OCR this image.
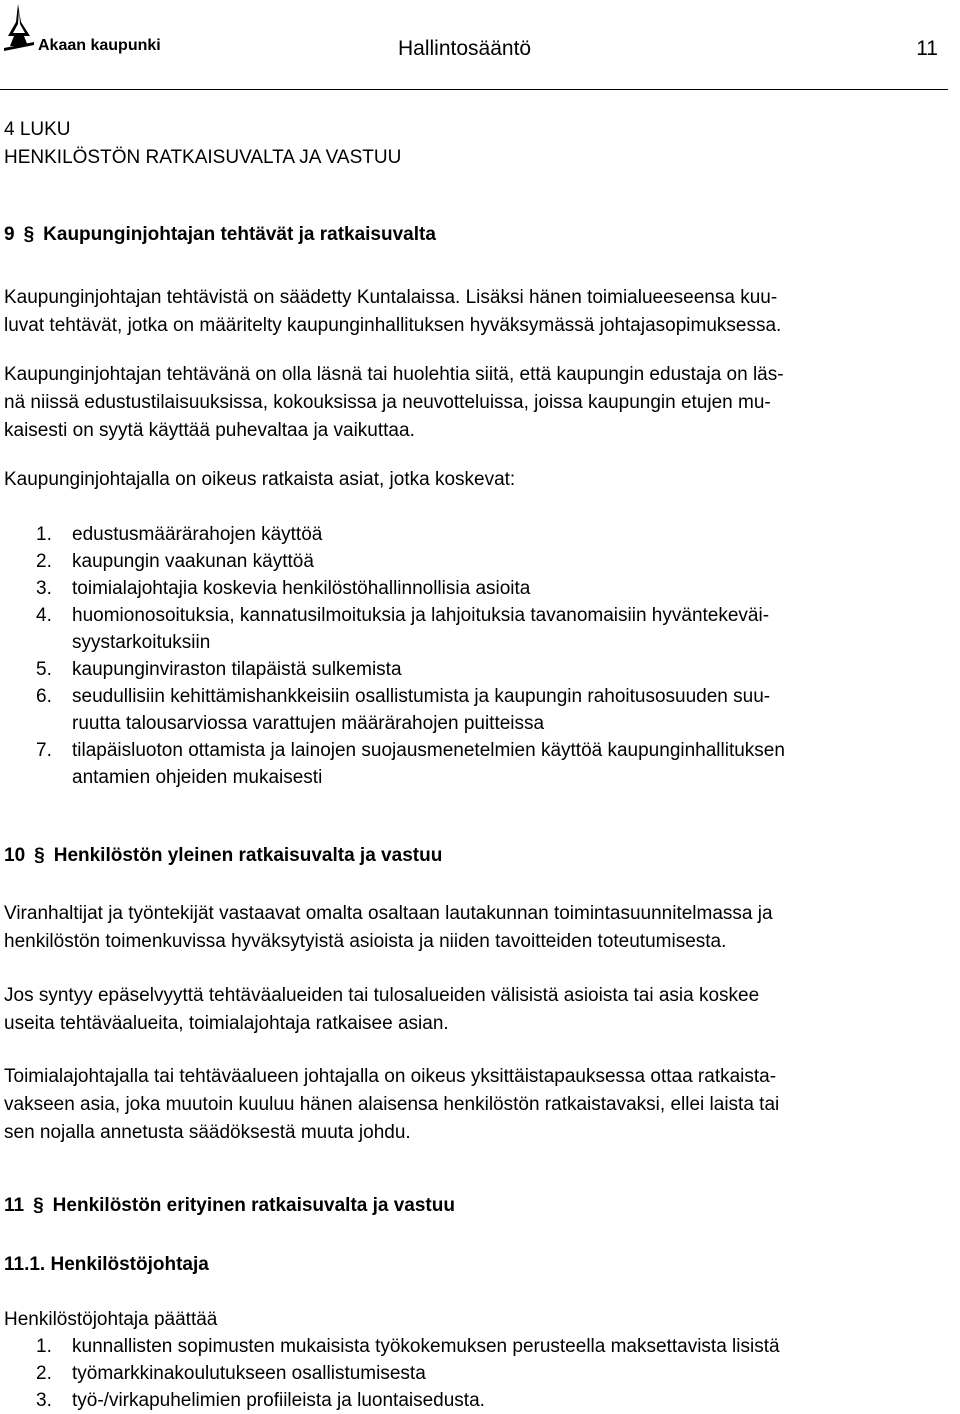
Akaan kaupunki	Hallintosääntö	11
4 LUKU
HENKILÖSTÖN RATKAISUVALTA JA VASTUU
9 § Kaupunginjohtajan tehtävät ja ratkaisuvalta
Kaupunginjohtajan tehtävistä on säädetty Kuntalaissa. Lisäksi hänen toimialueeseensa kuu-
luvat tehtävät, jotka on määritelty kaupunginhallituksen hyväksymässä johtajasopimuksessa.
Kaupunginjohtajan tehtävänä on olla läsnä tai huolehtia siitä, että kaupungin edustaja on läs-
nä niissä edustustilaisuuksissa, kokouksissa ja neuvotteluissa, joissa kaupungin etujen mu-
kaisesti on syytä käyttää puhevaltaa ja vaikuttaa.
Kaupunginjohtajalla on oikeus ratkaista asiat, jotka koskevat:
1. edustusmäärärahojen käyttöä
2. kaupungin vaakunan käyttöä
3. toimialajohtajia koskevia henkilöstöhallinnollisia asioita
4. huomionosoituksia, kannatusilmoituksia ja lahjoituksia tavanomaisiin hyväntekeväi-
syystarkoituksiin
5. kaupunginviraston tilapäistä sulkemista
6. seudullisiin kehittämishankkeisiin osallistumista ja kaupungin rahoitusosuuden suu-
ruutta talousarviossa varattujen määrärahojen puitteissa
7. tilapäisluoton ottamista ja lainojen suojausmenetelmien käyttöä kaupunginhallituksen
antamien ohjeiden mukaisesti
10 § Henkilöstön yleinen ratkaisuvalta ja vastuu
Viranhaltijat ja työntekijät vastaavat omalta osaltaan lautakunnan toimintasuunnitelmassa ja
henkilöstön toimenkuvissa hyväksytyistä asioista ja niiden tavoitteiden toteutumisesta.
Jos syntyy epäselvyyttä tehtäväalueiden tai tulosalueiden välisistä asioista tai asia koskee
useita tehtäväalueita, toimialajohtaja ratkaisee asian.
Toimialajohtajalla tai tehtäväalueen johtajalla on oikeus yksittäistapauksessa ottaa ratkaista-
vakseen asia, joka muutoin kuuluu hänen alaisensa henkilöstön ratkaistavaksi, ellei laista tai
sen nojalla annetusta säädöksestä muuta johdu.
11 § Henkilöstön erityinen ratkaisuvalta ja vastuu
11.1. Henkilöstöjohtaja
Henkilöstöjohtaja päättää
1. kunnallisten sopimusten mukaisista työkokemuksen perusteella maksettavista lisistä
2. työmarkkinakoulutukseen osallistumisesta
3. työ-/virkapuhelimien profiileista ja luontaisedusta.
